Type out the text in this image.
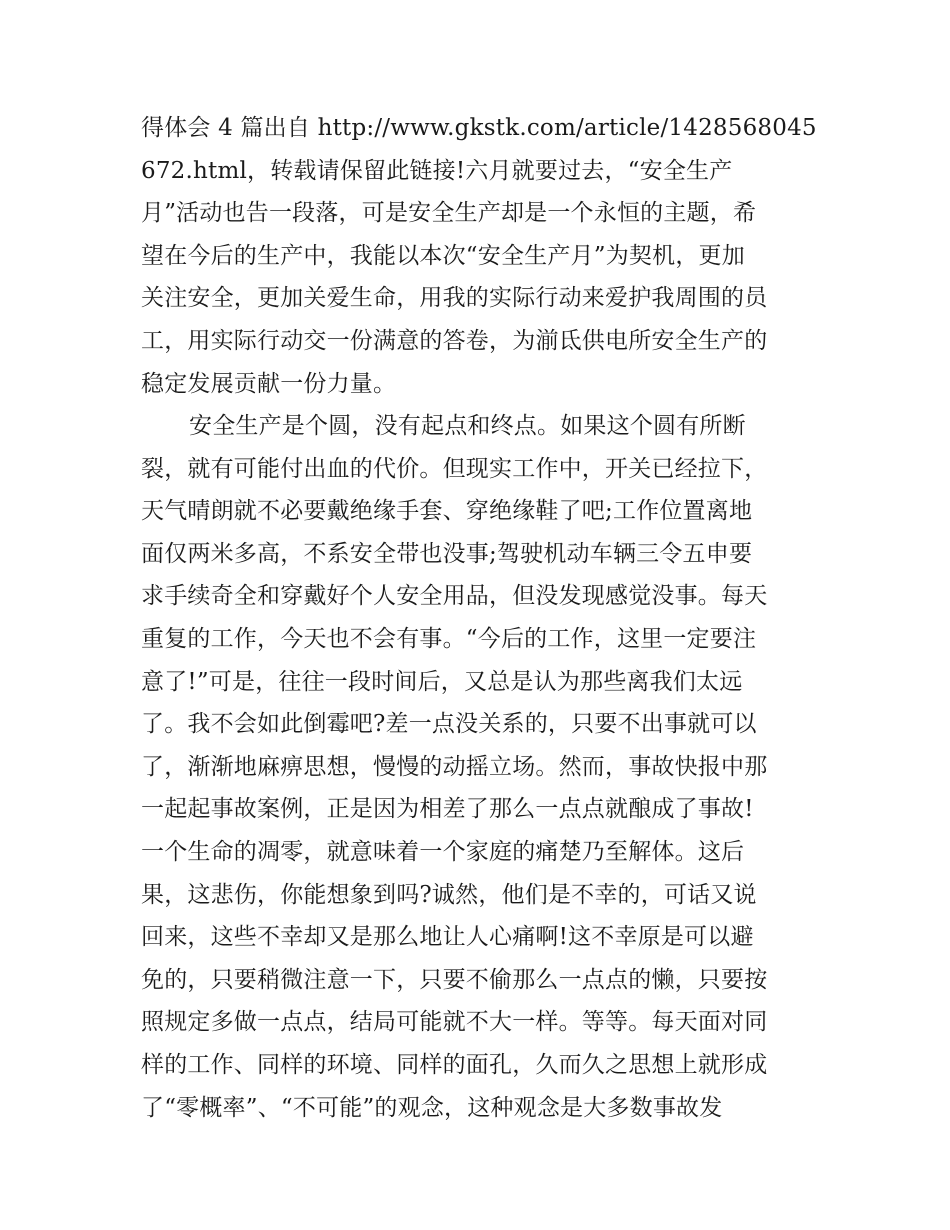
得体会 4 篇出自 http://www.gkstk.com/article/1428568045
672.html，转载请保留此链接!六月就要过去，“安全生产
月”活动也告一段落，可是安全生产却是一个永恒的主题，希
望在今后的生产中，我能以本次“安全生产月”为契机，更加
关注安全，更加关爱生命，用我的实际行动来爱护我周围的员
工，用实际行动交一份满意的答卷，为湔氐供电所安全生产的
稳定发展贡献一份力量。
安全生产是个圆，没有起点和终点。如果这个圆有所断
裂，就有可能付出血的代价。但现实工作中，开关已经拉下，
天气晴朗就不必要戴绝缘手套、穿绝缘鞋了吧;工作位置离地
面仅两米多高，不系安全带也没事;驾驶机动车辆三令五申要
求手续奇全和穿戴好个人安全用品，但没发现感觉没事。每天
重复的工作，今天也不会有事。“今后的工作，这里一定要注
意了!”可是，往往一段时间后，又总是认为那些离我们太远
了。我不会如此倒霉吧?差一点没关系的，只要不出事就可以
了，渐渐地麻痹思想，慢慢的动摇立场。然而，事故快报中那
一起起事故案例，正是因为相差了那么一点点就酿成了事故!
一个生命的凋零，就意味着一个家庭的痛楚乃至解体。这后
果，这悲伤，你能想象到吗?诚然，他们是不幸的，可话又说
回来，这些不幸却又是那么地让人心痛啊!这不幸原是可以避
免的，只要稍微注意一下，只要不偷那么一点点的懒，只要按
照规定多做一点点，结局可能就不大一样。等等。每天面对同
样的工作、同样的环境、同样的面孔，久而久之思想上就形成
了“零概率”、“不可能”的观念，这种观念是大多数事故发
